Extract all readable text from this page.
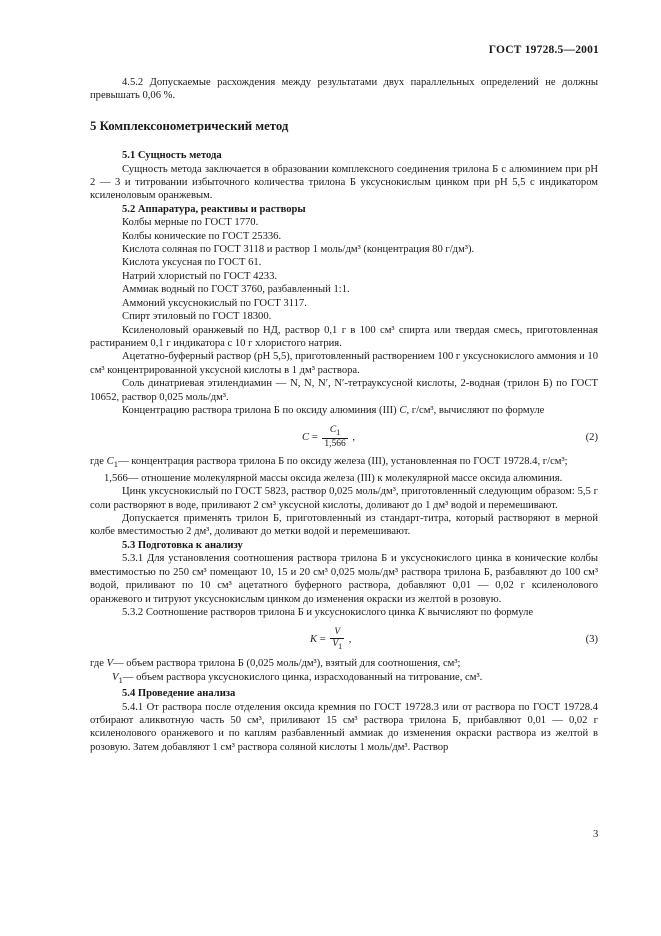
ГОСТ 19728.5—2001

4.5.2 Допускаемые расхождения между результатами двух параллельных определений не должны превышать 0,06 %.

5 Комплексонометрический метод
5.1 Сущность метода

Сущность метода заключается в образовании комплексного соединения трилона Б с алюминием при pH 2 — 3 и титровании избыточного количества трилона Б уксуснокислым цинком при pH 5,5 с индикатором ксиленоловым оранжевым.

5.2 Аппаратура, реактивы и растворы

Колбы мерные по ГОСТ 1770.

Колбы конические по ГОСТ 25336.

Кислота соляная по ГОСТ 3118 и раствор 1 моль/дм³ (концентрация 80 г/дм³).

Кислота уксусная по ГОСТ 61.

Натрий хлористый по ГОСТ 4233.

Аммиак водный по ГОСТ 3760, разбавленный 1:1.

Аммоний уксуснокислый по ГОСТ 3117.

Спирт этиловый по ГОСТ 18300.

Ксиленоловый оранжевый по НД, раствор 0,1 г в 100 см³ спирта или твердая смесь, приготовленная растиранием 0,1 г индикатора с 10 г хлористого натрия.

Ацетатно-буферный раствор (pH 5,5), приготовленный растворением 100 г уксуснокислого аммония и 10 см³ концентрированной уксусной кислоты в 1 дм³ раствора.

Соль динатриевая этилендиамин — N, N, N′, N′-тетрауксусной кислоты, 2-водная (трилон Б) по ГОСТ 10652, раствор 0,025 моль/дм³.

Концентрацию раствора трилона Б по оксиду алюминия (III) C, г/см³, вычисляют по формуле

$C = \frac{C_1}{1,566}$ ,	(2)
где $C_1$ — концентрация раствора трилона Б по оксиду железа (III), установленная по ГОСТ 19728.4, г/см³;
1,566 — отношение молекулярной массы оксида железа (III) к молекулярной массе оксида алюминия.

Цинк уксуснокислый по ГОСТ 5823, раствор 0,025 моль/дм³, приготовленный следующим образом: 5,5 г соли растворяют в воде, приливают 2 см³ уксусной кислоты, доливают до 1 дм³ водой и перемешивают.

Допускается применять трилон Б, приготовленный из стандарт-титра, который растворяют в мерной колбе вместимостью 2 дм³, доливают до метки водой и перемешивают.

5.3 Подготовка к анализу

5.3.1 Для установления соотношения раствора трилона Б и уксуснокислого цинка в конические колбы вместимостью по 250 см³ помещают 10, 15 и 20 см³ 0,025 моль/дм³ раствора трилона Б, разбавляют до 100 см³ водой, приливают по 10 см³ ацетатного буферного раствора, добавляют 0,01 — 0,02 г ксиленолового оранжевого и титруют уксуснокислым цинком до изменения окраски из желтой в розовую.

5.3.2 Соотношение растворов трилона Б и уксуснокислого цинка K вычисляют по формуле

$K = \frac{V}{V_1}$ ,	(3)
где V — объем раствора трилона Б (0,025 моль/дм³), взятый для соотношения, см³;
$V_1$ — объем раствора уксуснокислого цинка, израсходованный на титрование, см³.
5.4 Проведение анализа

5.4.1 От раствора после отделения оксида кремния по ГОСТ 19728.3 или от раствора по ГОСТ 19728.4 отбирают аликвотную часть 50 см³, приливают 15 см³ раствора трилона Б, прибавляют 0,01 — 0,02 г ксиленолового оранжевого и по каплям разбавленный аммиак до изменения окраски раствора из желтой в розовую. Затем добавляют 1 см³ раствора соляной кислоты 1 моль/дм³. Раствор

3
